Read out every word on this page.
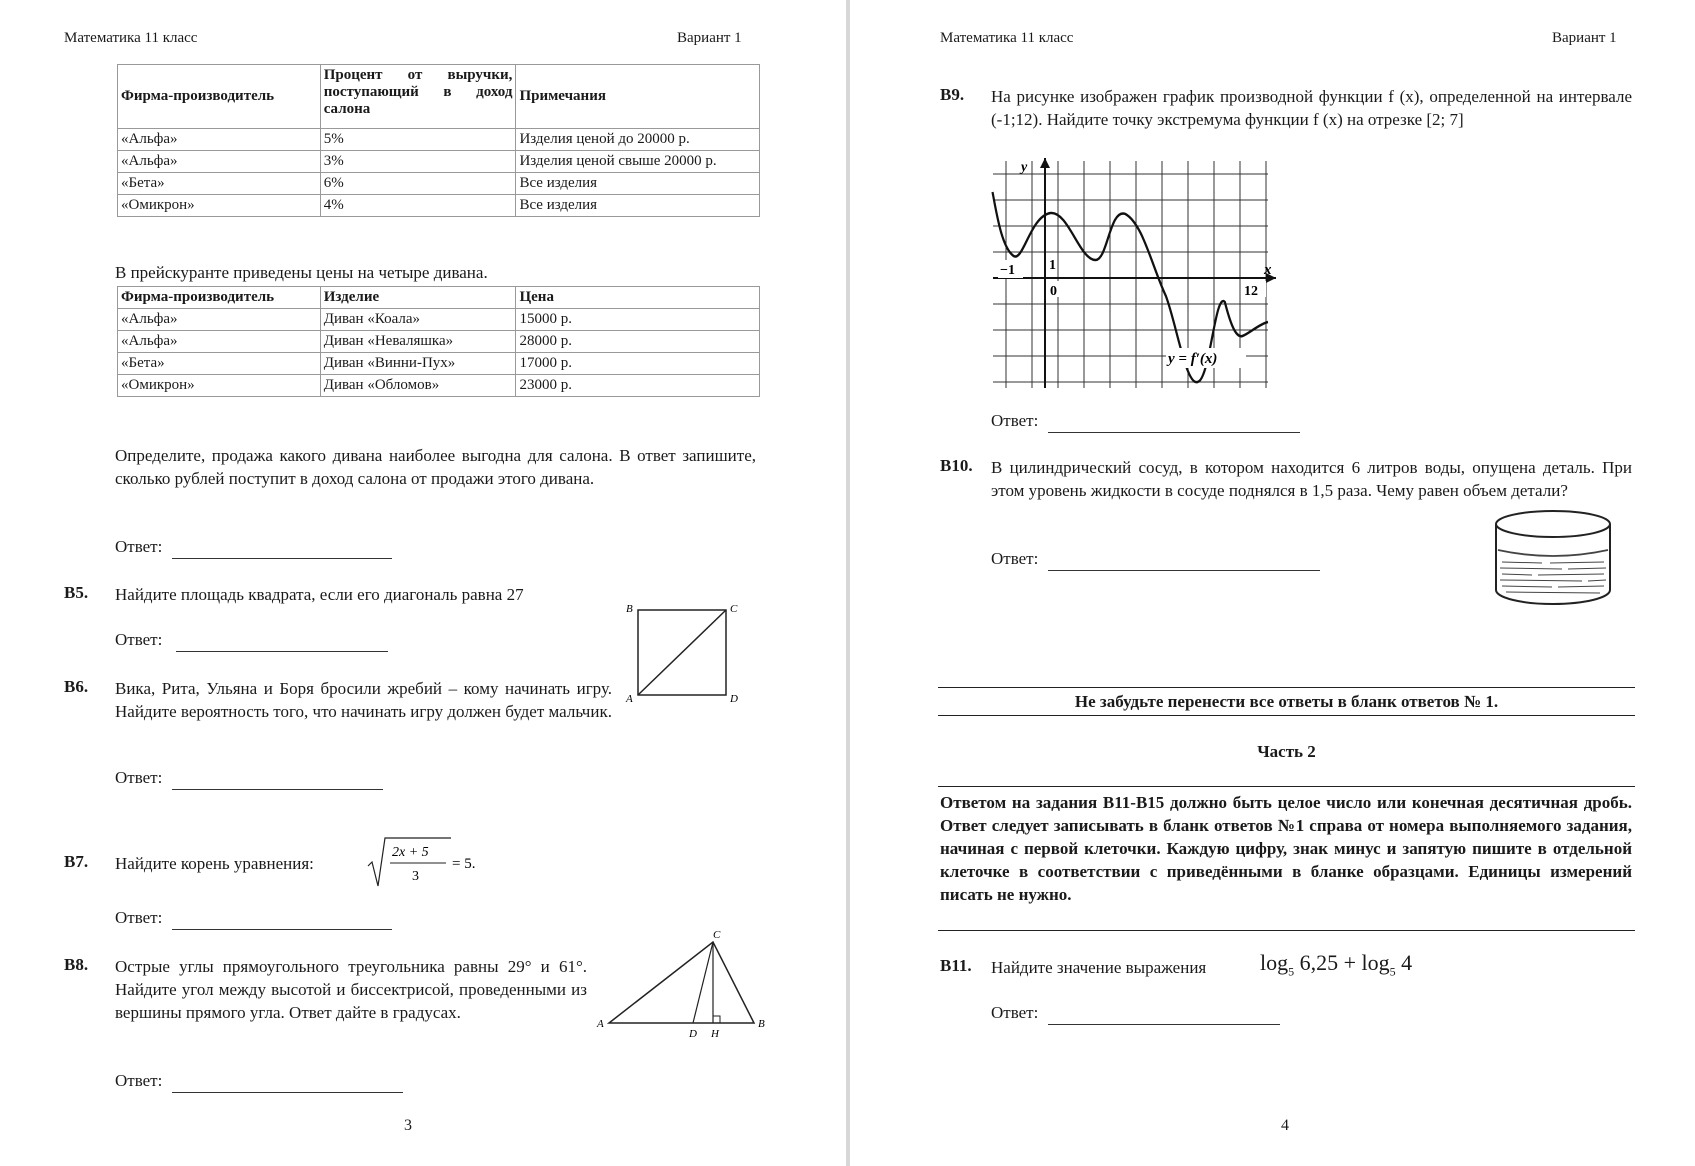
Математика 11 класс	Вариант 1
Фирма-производитель	Процент от выручки, поступающий в доход салона	Примечания
«Альфа»	5%	Изделия ценой до 20000 р.
«Альфа»	3%	Изделия ценой свыше 20000 р.
«Бета»	6%	Все изделия
«Омикрон»	4%	Все изделия
В прейскуранте приведены цены на четыре дивана.
Фирма-производитель	Изделие	Цена
«Альфа»	Диван «Коала»	15000 р.
«Альфа»	Диван «Неваляшка»	28000 р.
«Бета»	Диван «Винни-Пух»	17000 р.
«Омикрон»	Диван «Обломов»	23000 р.
Определите, продажа какого дивана наиболее выгодна для салона. В ответ запишите, сколько рублей поступит в доход салона от продажи этого дивана.
Ответ:
B5. Найдите площадь квадрата, если его диагональ равна 27
Ответ:
B	C
A	D
B6. Вика, Рита, Ульяна и Боря бросили жребий – кому начинать игру. Найдите вероятность того, что начинать игру должен будет мальчик.
Ответ:
B7. Найдите корень уравнения:
2x + 5
3
= 5.
Ответ:
B8. Острые углы прямоугольного треугольника равны 29° и 61°. Найдите угол между высотой и биссектрисой, проведенными из вершины прямого угла. Ответ дайте в градусах.
A	B
C
D H
Ответ:
3
Математика 11 класс	Вариант 1
B9. На рисунке изображен график производной функции f (x), определенной на интервале (-1;12). Найдите точку экстремума функции f (x) на отрезке [2; 7]
y
x
−1 1
0	12
y = f′(x)
Ответ:
B10. В цилиндрический сосуд, в котором находится 6 литров воды, опущена деталь. При этом уровень жидкости в сосуде поднялся в 1,5 раза. Чему равен объем детали?
Ответ:
Не забудьте перенести все ответы в бланк ответов № 1.
Часть 2
Ответом на задания B11-B15 должно быть целое число или конечная десятичная дробь. Ответ следует записывать в бланк ответов №1 справа от номера выполняемого задания, начиная с первой клеточки. Каждую цифру, знак минус и запятую пишите в отдельной клеточке в соответствии с приведёнными в бланке образцами. Единицы измерений писать не нужно.
B11. Найдите значение выражения $\log_5 6,25 + \log_5 4$
Ответ:
4
